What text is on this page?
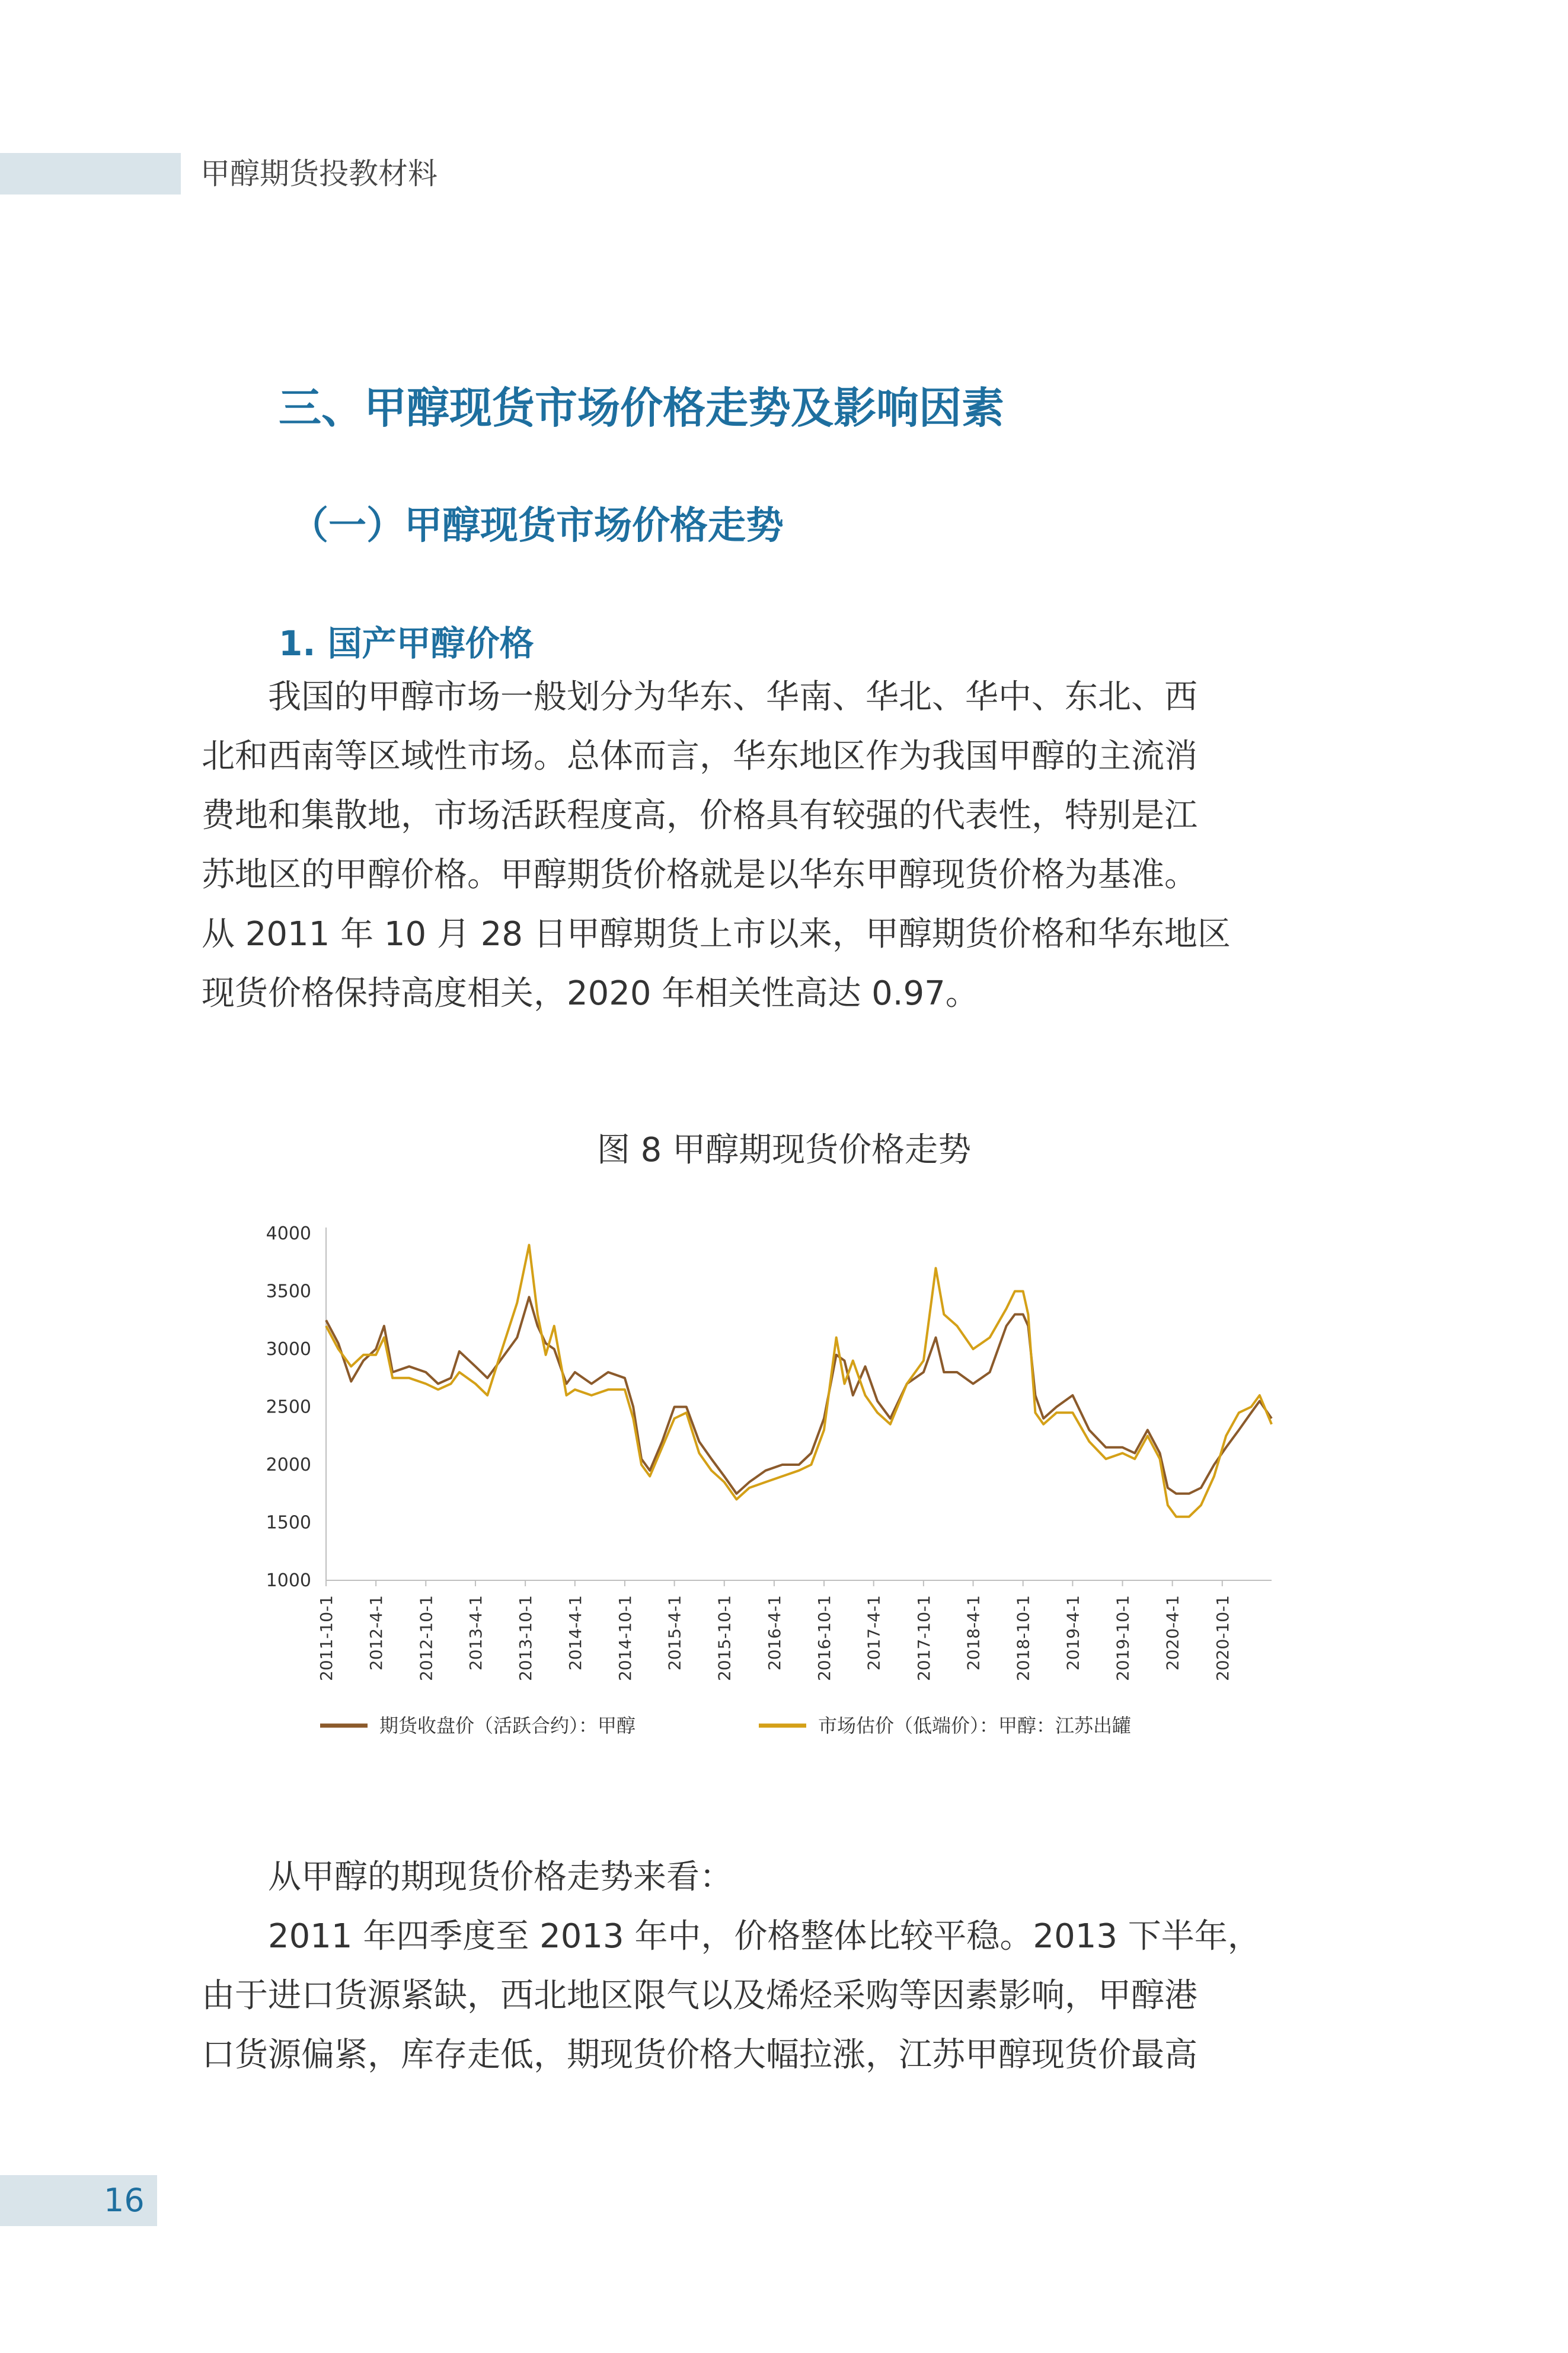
甲醇期货投教材料
三、甲醇现货市场价格走势及影响因素
（一）甲醇现货市场价格走势
1. 国产甲醇价格
　　我国的甲醇市场一般划分为华东、华南、华北、华中、东北、西
北和西南等区域性市场。总体而言，华东地区作为我国甲醇的主流消
费地和集散地，市场活跃程度高，价格具有较强的代表性，特别是江
苏地区的甲醇价格。甲醇期货价格就是以华东甲醇现货价格为基准。
从 2011 年 10 月 28 日甲醇期货上市以来，甲醇期货价格和华东地区
现货价格保持高度相关，2020 年相关性高达 0.97。
图 8 甲醇期现货价格走势
1000
1500
2000
2500
3000
3500
4000
2011-10-1 2012-4-1 2012-10-1 2013-4-1 2013-10-1 2014-4-1 2014-10-1 2015-4-1 2015-10-1 2016-4-1 2016-10-1 2017-4-1 2017-10-1 2018-4-1 2018-10-1 2019-4-1 2019-10-1 2020-4-1 2020-10-1
期货收盘价（活跃合约）：甲醇	市场估价（低端价）：甲醇：江苏出罐
　　从甲醇的期现货价格走势来看：
　　2011 年四季度至 2013 年中，价格整体比较平稳。2013 下半年，
由于进口货源紧缺，西北地区限气以及烯烃采购等因素影响，甲醇港
口货源偏紧，库存走低，期现货价格大幅拉涨，江苏甲醇现货价最高
16
